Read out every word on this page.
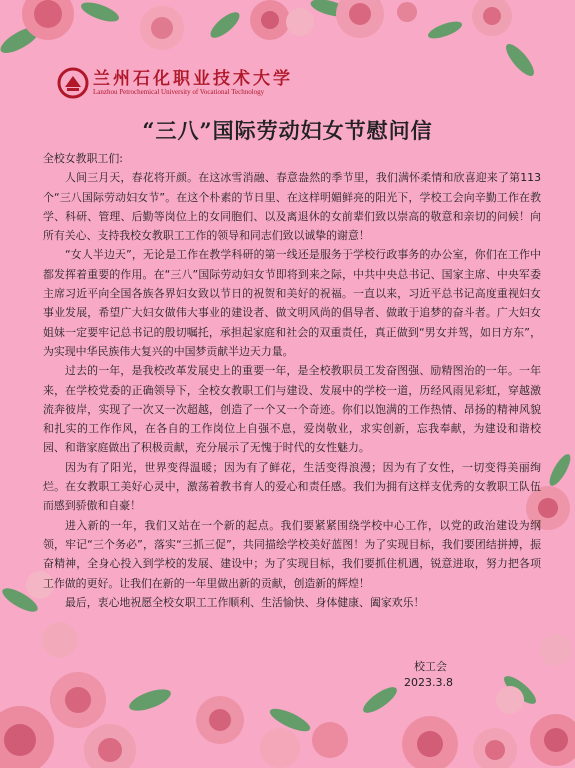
兰州石化职业技术大学
Lanzhou Petrochemical University of Vocational Technology
“三八”国际劳动妇女节慰问信

全校女教职工们:

人间三月天，春花将开颜。在这冰雪消融、春意盎然的季节里，我们满怀柔情和欣喜迎来了第113个“三八国际劳动妇女节”。在这个朴素的节日里、在这样明媚鲜亮的阳光下，学校工会向辛勤工作在教学、科研、管理、后勤等岗位上的女同胞们、以及离退休的女前辈们致以崇高的敬意和亲切的问候！向所有关心、支持我校女教职工工作的领导和同志们致以诚挚的谢意！

“女人半边天”，无论是工作在教学科研的第一线还是服务于学校行政事务的办公室，你们在工作中都发挥着重要的作用。在“三八”国际劳动妇女节即将到来之际，中共中央总书记、国家主席、中央军委主席习近平向全国各族各界妇女致以节日的祝贺和美好的祝福。一直以来，习近平总书记高度重视妇女事业发展，希望广大妇女做伟大事业的建设者、做文明风尚的倡导者、做敢于追梦的奋斗者。广大妇女姐妹一定要牢记总书记的殷切嘱托，承担起家庭和社会的双重责任，真正做到“男女并驾，如日方东”，为实现中华民族伟大复兴的中国梦贡献半边天力量。

过去的一年，是我校改革发展史上的重要一年，是全校教职员工发奋图强、励精图治的一年。一年来，在学校党委的正确领导下，全校女教职工们与建设、发展中的学校一道，历经风雨见彩虹，穿越激流奔彼岸，实现了一次又一次超越，创造了一个又一个奇迹。你们以饱满的工作热情、昂扬的精神风貌和扎实的工作作风，在各自的工作岗位上自强不息，爱岗敬业，求实创新，忘我奉献，为建设和谐校园、和谐家庭做出了积极贡献，充分展示了无愧于时代的女性魅力。

因为有了阳光，世界变得温暖；因为有了鲜花，生活变得浪漫；因为有了女性，一切变得美丽绚烂。在女教职工美好心灵中，激荡着教书育人的爱心和责任感。我们为拥有这样支优秀的女教职工队伍而感到骄傲和自豪！

进入新的一年，我们又站在一个新的起点。我们要紧紧围绕学校中心工作，以党的政治建设为纲领，牢记“三个务必”，落实“三抓三促”，共同描绘学校美好蓝图！为了实现目标，我们要团结拼搏，振奋精神，全身心投入到学校的发展、建设中；为了实现目标，我们要抓住机遇，锐意进取，努力把各项工作做的更好。让我们在新的一年里做出新的贡献，创造新的辉煌！

最后，衷心地祝愿全校女职工工作顺利、生活愉快、身体健康、阖家欢乐！

校工会
2023.3.8
